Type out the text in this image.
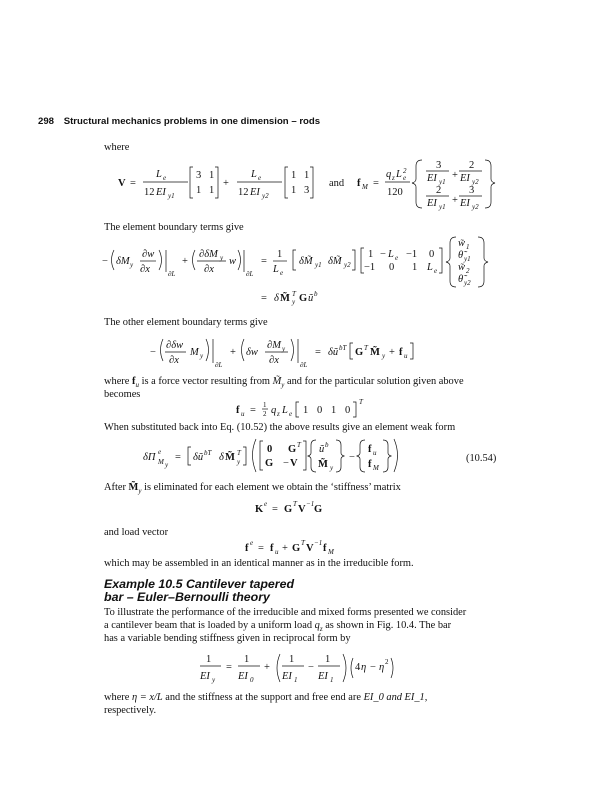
298 Structural mechanics problems in one dimension – rods
where
V =
L e
12 EI y1
3 1
1 1
+
L e
12 EI y2
1 1
1 3
and f M =
q z L 2
e
120
3
EI y1
+
2
EI y2
2
EI y1
+
3
EI y2
The element boundary terms give
− δM y
∂w
∂x	∂L
+
∂δM y
∂x
w
∂L
=
1
L e
δM̃ y1 δM̃ y2
1 − L e −1 0
−1 0 1 L e
w̃ 1
θ̃ y1
w̃ 2
θ̃ y2
= δ M̃ T
y G ũ b
The other element boundary terms give
−
∂δw
∂x
M y
∂L
+ δw
∂M y
∂x	∂L
= δũ bT G T M̃ y + f u
where $f_u$ is a force vector resulting from $M̃_y$ and for the particular solution given above
becomes
f u = 1
2 q z L e 1 0 1 0
T
When substituted back into Eq. (10.52) the above results give an element weak form
δΠ e
M y
= δũ bT δ M̃ T
y
0 G T
G − V
ũ b
M̃ y
−
f u
f M
(10.54)
After $M̃_y$ is eliminated for each element we obtain the ‘stiffness’ matrix
K e = G T V −1 G
and load vector
f e = f u + G T V −1 f M
which may be assembled in an identical manner as in the irreducible form.
Example 10.5 Cantilever tapered
bar – Euler–Bernoulli theory
To illustrate the performance of the irreducible and mixed forms presented we consider
a cantilever beam that is loaded by a uniform load $q_z$ as shown in Fig. 10.4. The bar
has a variable bending stiffness given in reciprocal form by
1
EI y
=
1
EI 0
+
1
EI 1
−
1
EI 1
4 η − η 2
where η = x/L and the stiffness at the support and free end are EI_0 and EI_1,
respectively.
